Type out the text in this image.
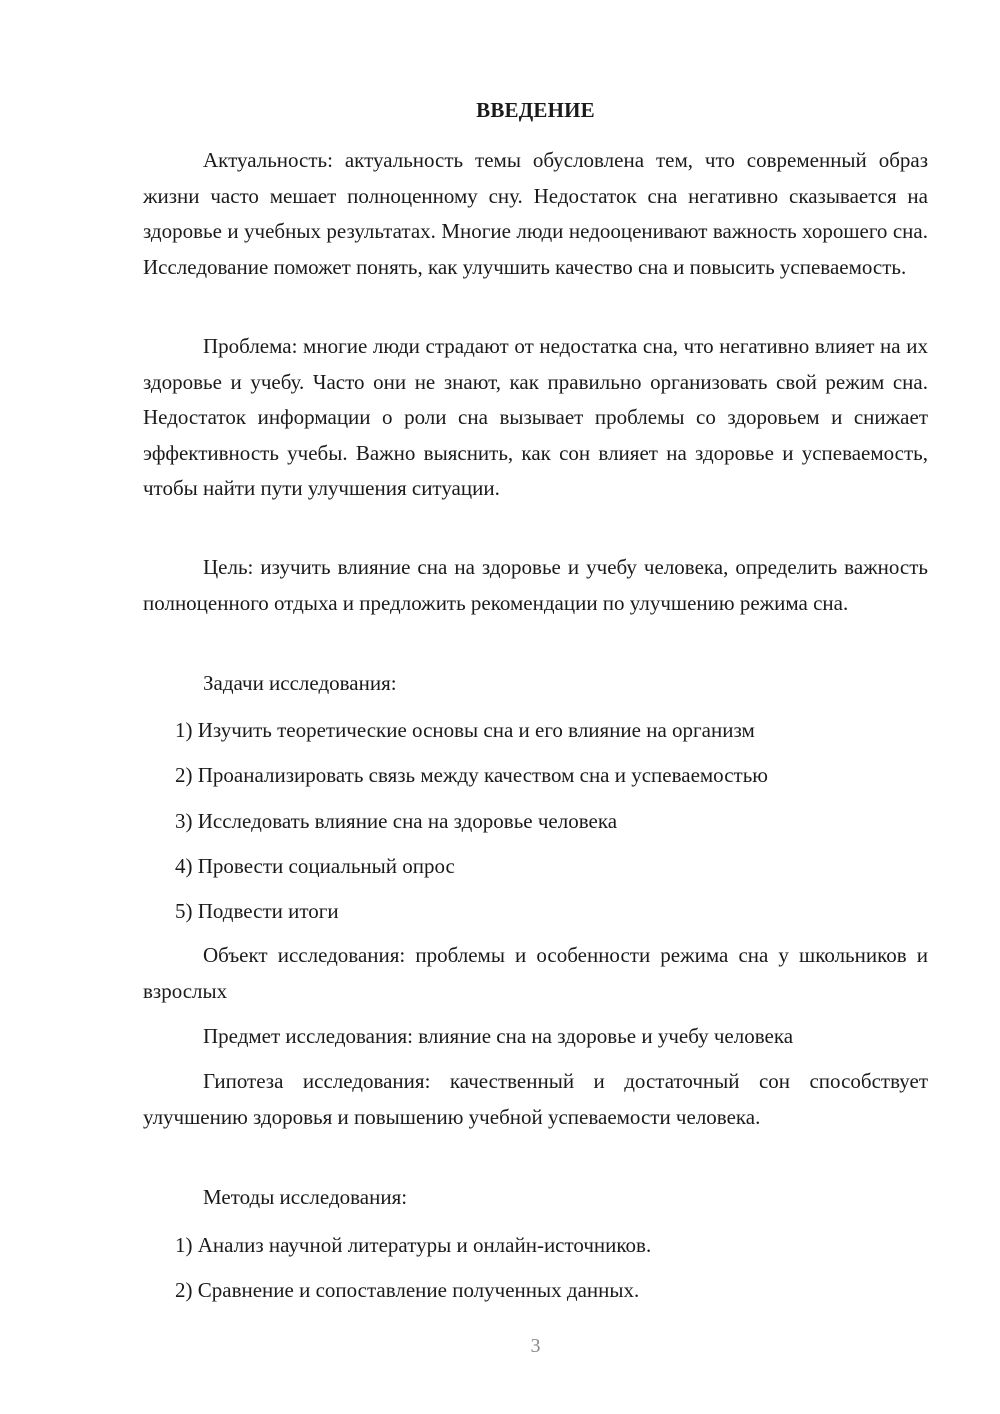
ВВЕДЕНИЕ
Актуальность: актуальность темы обусловлена тем, что современный образ жизни часто мешает полноценному сну. Недостаток сна негативно сказывается на здоровье и учебных результатах. Многие люди недооценивают важность хорошего сна. Исследование поможет понять, как улучшить качество сна и повысить успеваемость.
Проблема: многие люди страдают от недостатка сна, что негативно влияет на их здоровье и учебу. Часто они не знают, как правильно организовать свой режим сна. Недостаток информации о роли сна вызывает проблемы со здоровьем и снижает эффективность учебы. Важно выяснить, как сон влияет на здоровье и успеваемость, чтобы найти пути улучшения ситуации.
Цель: изучить влияние сна на здоровье и учебу человека, определить важность полноценного отдыха и предложить рекомендации по улучшению режима сна.
Задачи исследования:
1) Изучить теоретические основы сна и его влияние на организм
2) Проанализировать связь между качеством сна и успеваемостью
3) Исследовать влияние сна на здоровье человека
4) Провести социальный опрос
5) Подвести итоги
Объект исследования: проблемы и особенности режима сна у школьников и взрослых
Предмет исследования: влияние сна на здоровье и учебу человека
Гипотеза исследования: качественный и достаточный сон способствует улучшению здоровья и повышению учебной успеваемости человека.
Методы исследования:
1) Анализ научной литературы и онлайн-источников.
2) Сравнение и сопоставление полученных данных.
3
